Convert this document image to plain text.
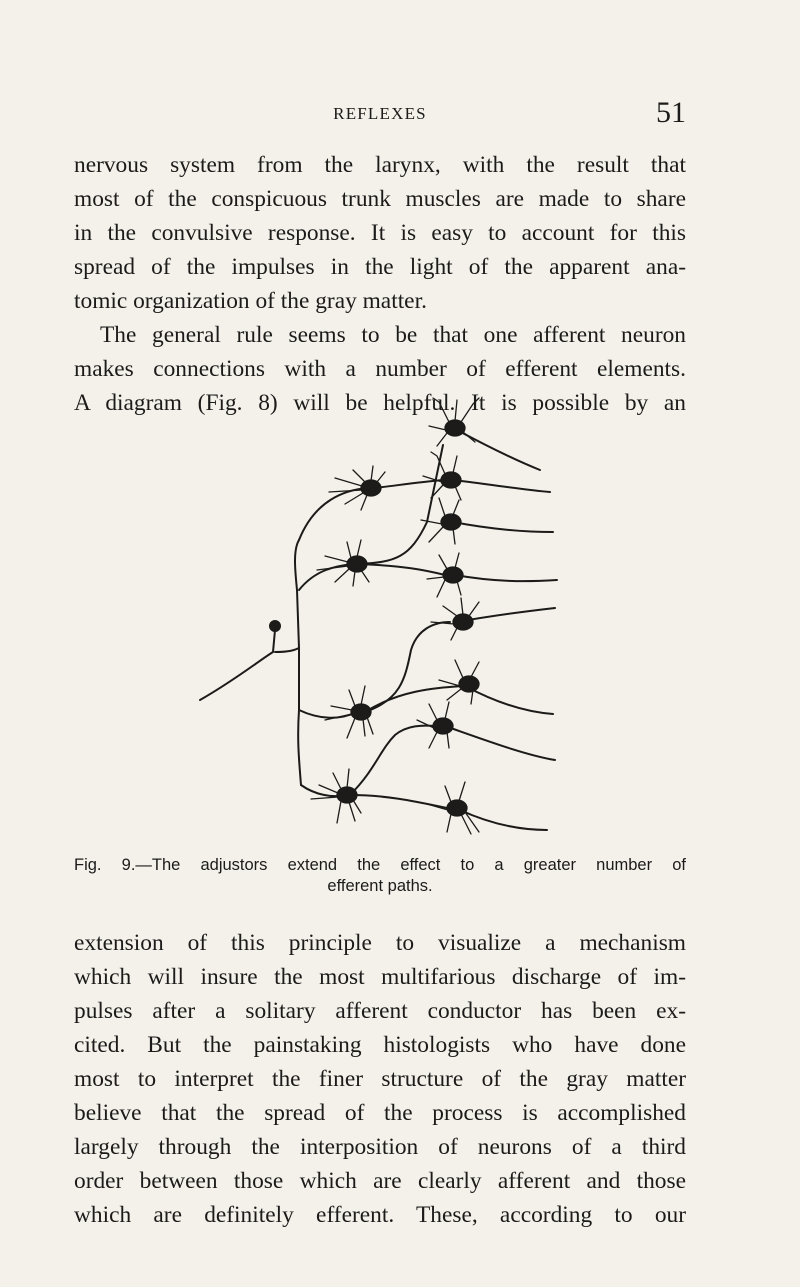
REFLEXES	51

nervous system from the larynx, with the result that
most of the conspicuous trunk muscles are made to share
in the convulsive response. It is easy to account for this
spread of the impulses in the light of the apparent ana-
tomic organization of the gray matter.
The general rule seems to be that one afferent neuron
makes connections with a number of efferent elements.
A diagram (Fig. 8) will be helpful. It is possible by an

Fig. 9.—The adjustors extend the effect to a greater number of
efferent paths.

extension of this principle to visualize a mechanism
which will insure the most multifarious discharge of im-
pulses after a solitary afferent conductor has been ex-
cited. But the painstaking histologists who have done
most to interpret the finer structure of the gray matter
believe that the spread of the process is accomplished
largely through the interposition of neurons of a third
order between those which are clearly afferent and those
which are definitely efferent. These, according to our
